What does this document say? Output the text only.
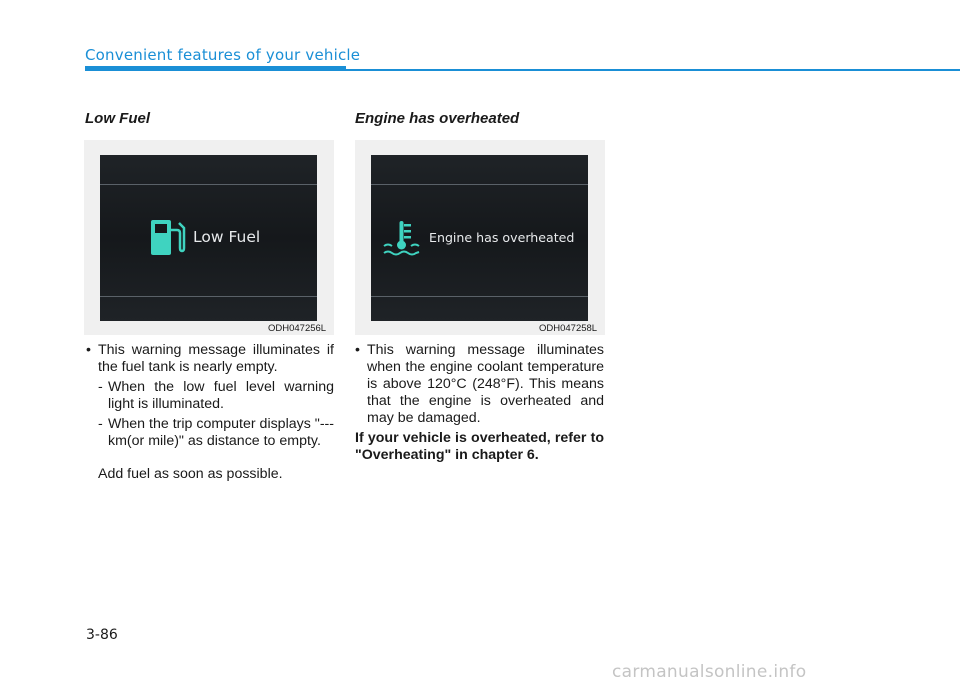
Convenient features of your vehicle
Low Fuel
Low Fuel
ODH047256L
• This warning message illuminates if the fuel tank is nearly empty.
- When the low fuel level warning light is illuminated.
- When the trip computer displays "--- km(or mile)" as distance to empty.
Add fuel as soon as possible.
Engine has overheated
Engine has overheated
ODH047258L
• This warning message illuminates when the engine coolant temperature is above 120°C (248°F). This means that the engine is overheated and may be damaged.
If your vehicle is overheated, refer to "Overheating" in chapter 6.
3-86
carmanualsonline.info
